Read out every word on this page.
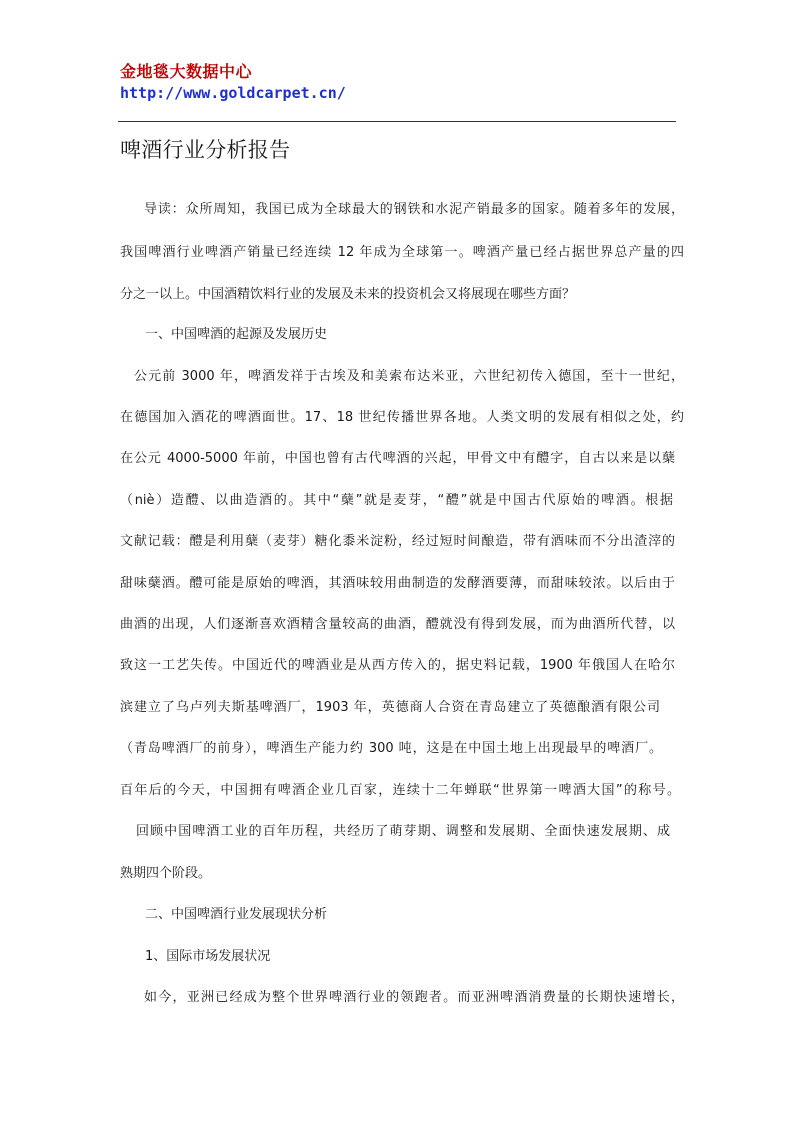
金地毯大数据中心
http://www.goldcarpet.cn/
啤酒行业分析报告
导读：众所周知，我国已成为全球最大的钢铁和水泥产销最多的国家。随着多年的发展，
我国啤酒行业啤酒产销量已经连续 12 年成为全球第一。啤酒产量已经占据世界总产量的四
分之一以上。中国酒精饮料行业的发展及未来的投资机会又将展现在哪些方面？
一、中国啤酒的起源及发展历史
公元前 3000 年，啤酒发祥于古埃及和美索布达米亚，六世纪初传入德国，至十一世纪，
在德国加入酒花的啤酒面世。17、18 世纪传播世界各地。人类文明的发展有相似之处，约
在公元 4000-5000 年前，中国也曾有古代啤酒的兴起，甲骨文中有醴字，自古以来是以蘖
（niè）造醴、以曲造酒的。其中“蘖”就是麦芽，“醴”就是中国古代原始的啤酒。根据
文献记载：醴是利用蘖（麦芽）糖化黍米淀粉，经过短时间酿造，带有酒味而不分出渣滓的
甜味蘖酒。醴可能是原始的啤酒，其酒味较用曲制造的发酵酒要薄，而甜味较浓。以后由于
曲酒的出现，人们逐渐喜欢酒精含量较高的曲酒，醴就没有得到发展，而为曲酒所代替，以
致这一工艺失传。中国近代的啤酒业是从西方传入的，据史料记载，1900 年俄国人在哈尔
滨建立了乌卢列夫斯基啤酒厂，1903 年，英德商人合资在青岛建立了英德酿酒有限公司
（青岛啤酒厂的前身），啤酒生产能力约 300 吨，这是在中国土地上出现最早的啤酒厂。
百年后的今天，中国拥有啤酒企业几百家，连续十二年蝉联“世界第一啤酒大国”的称号。
回顾中国啤酒工业的百年历程，共经历了萌芽期、调整和发展期、全面快速发展期、成
熟期四个阶段。
二、中国啤酒行业发展现状分析
1、国际市场发展状况
如今，亚洲已经成为整个世界啤酒行业的领跑者。而亚洲啤酒消费量的长期快速增长，
